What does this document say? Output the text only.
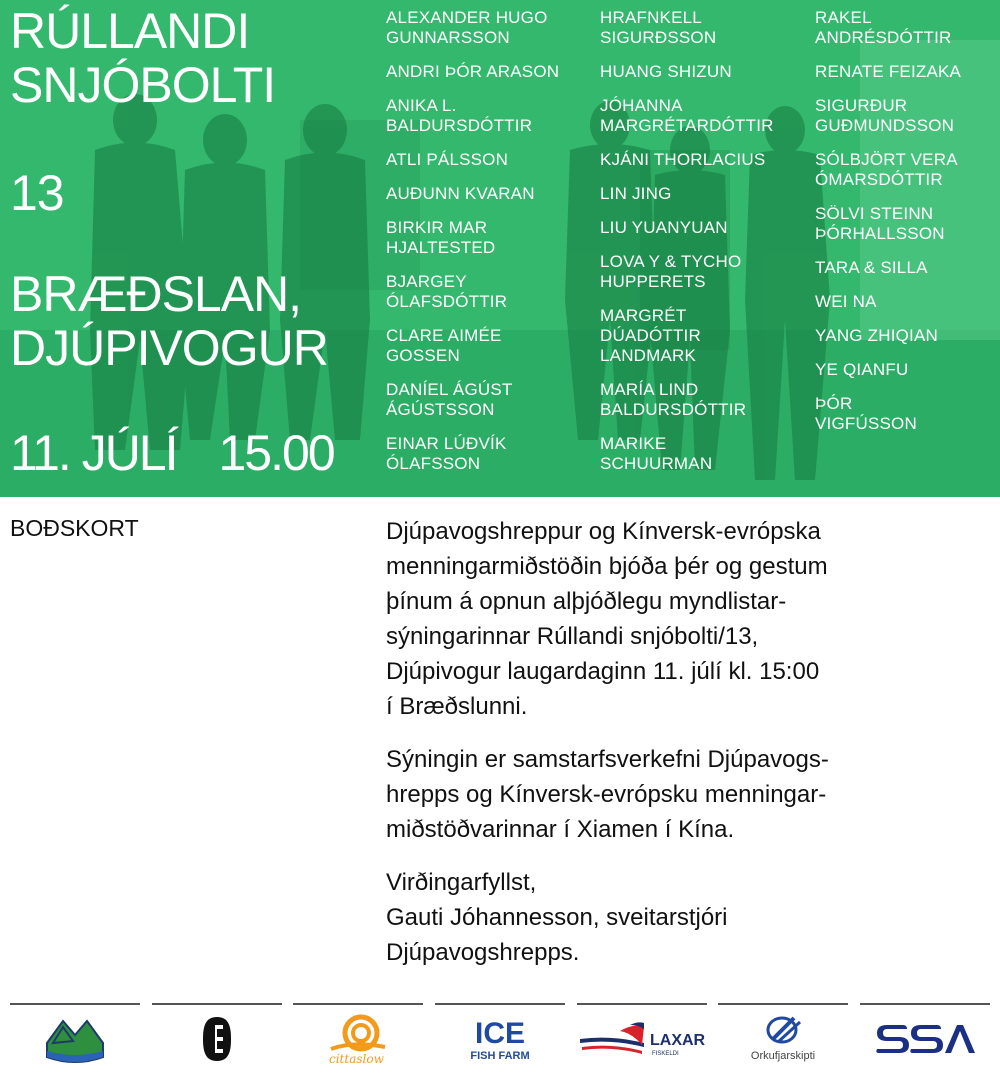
RÚLLANDI
SNJÓBOLTI
13
BRÆÐSLAN,
DJÚPIVOGUR
11. JÚLÍ 15.00
ALEXANDER HUGO
GUNNARSSON
ANDRI ÞÓR ARASON
ANIKA L.
BALDURSDÓTTIR
ATLI PÁLSSON
AUÐUNN KVARAN
BIRKIR MAR
HJALTESTED
BJARGEY
ÓLAFSDÓTTIR
CLARE AIMÉE
GOSSEN
DANÍEL ÁGÚST
ÁGÚSTSSON
EINAR LÚÐVÍK
ÓLAFSSON
HRAFNKELL
SIGURÐSSON
HUANG SHIZUN
JÓHANNA
MARGRÉTARDÓTTIR
KJÁNI THORLACIUS
LIN JING
LIU YUANYUAN
LOVA Y & TYCHO
HUPPERETS
MARGRÉT
DÚADÓTTIR
LANDMARK
MARÍA LIND
BALDURSDÓTTIR
MARIKE
SCHUURMAN
RAKEL
ANDRÉSDÓTTIR
RENATE FEIZAKA
SIGURÐUR
GUÐMUNDSSON
SÓLBJÖRT VERA
ÓMARSDÓTTIR
SÖLVI STEINN
ÞÓRHALLSSON
TARA & SILLA
WEI NA
YANG ZHIQIAN
YE QIANFU
ÞÓR
VIGFÚSSON
BOÐSKORT	Djúpavogshreppur og Kínversk-evrópska
menningarmiðstöðin bjóða þér og gestum
þínum á opnun alþjóðlegu myndlistar-
sýningarinnar Rúllandi snjóbolti/13,
Djúpivogur laugardaginn 11. júlí kl. 15:00
í Bræðslunni.

Sýningin er samstarfsverkefni Djúpavogs-
hrepps og Kínversk-evrópsku menningar-
miðstöðvarinnar í Xiamen í Kína.

Virðingarfyllst,
Gauti Jóhannesson, sveitarstjóri
Djúpavogshrepps.

cittaslow
ICE
FISH FARM
LAXAR
FISKELDI	Orkufjarskipti
